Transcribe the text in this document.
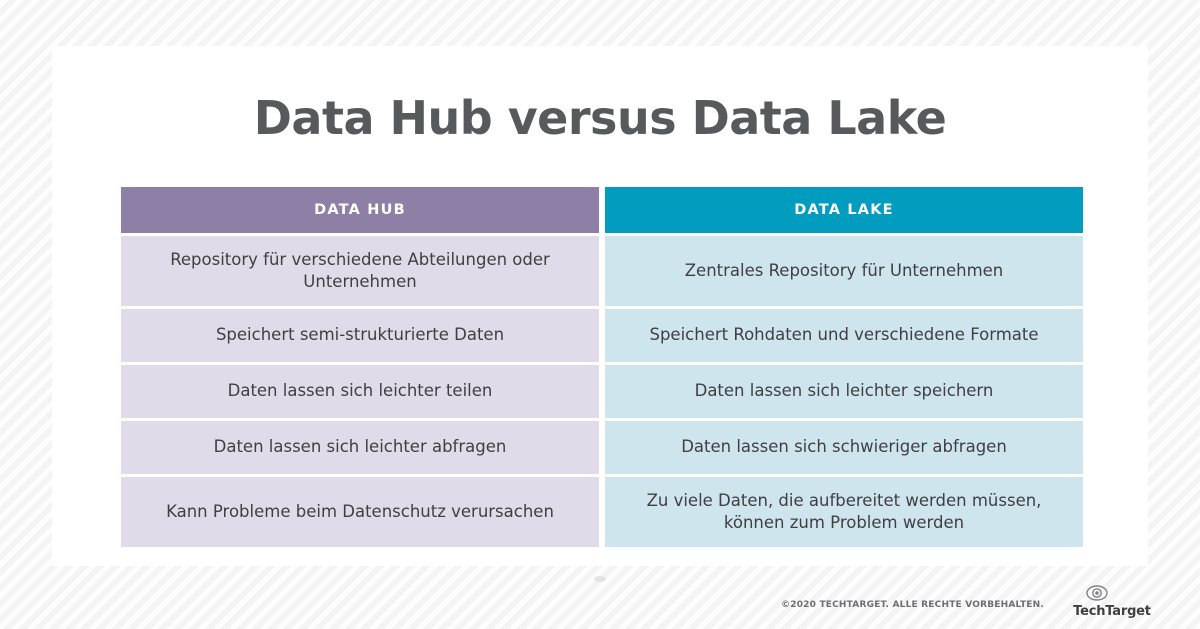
Data Hub versus Data Lake
DATA HUB
Repository für verschiedene Abteilungen oder Unternehmen
Speichert semi-strukturierte Daten
Daten lassen sich leichter teilen
Daten lassen sich leichter abfragen
Kann Probleme beim Datenschutz verursachen
DATA LAKE
Zentrales Repository für Unternehmen
Speichert Rohdaten und verschiedene Formate
Daten lassen sich leichter speichern
Daten lassen sich schwieriger abfragen
Zu viele Daten, die aufbereitet werden müssen, können zum Problem werden
©2020 TECHTARGET. ALLE RECHTE VORBEHALTEN.	TechTarget
